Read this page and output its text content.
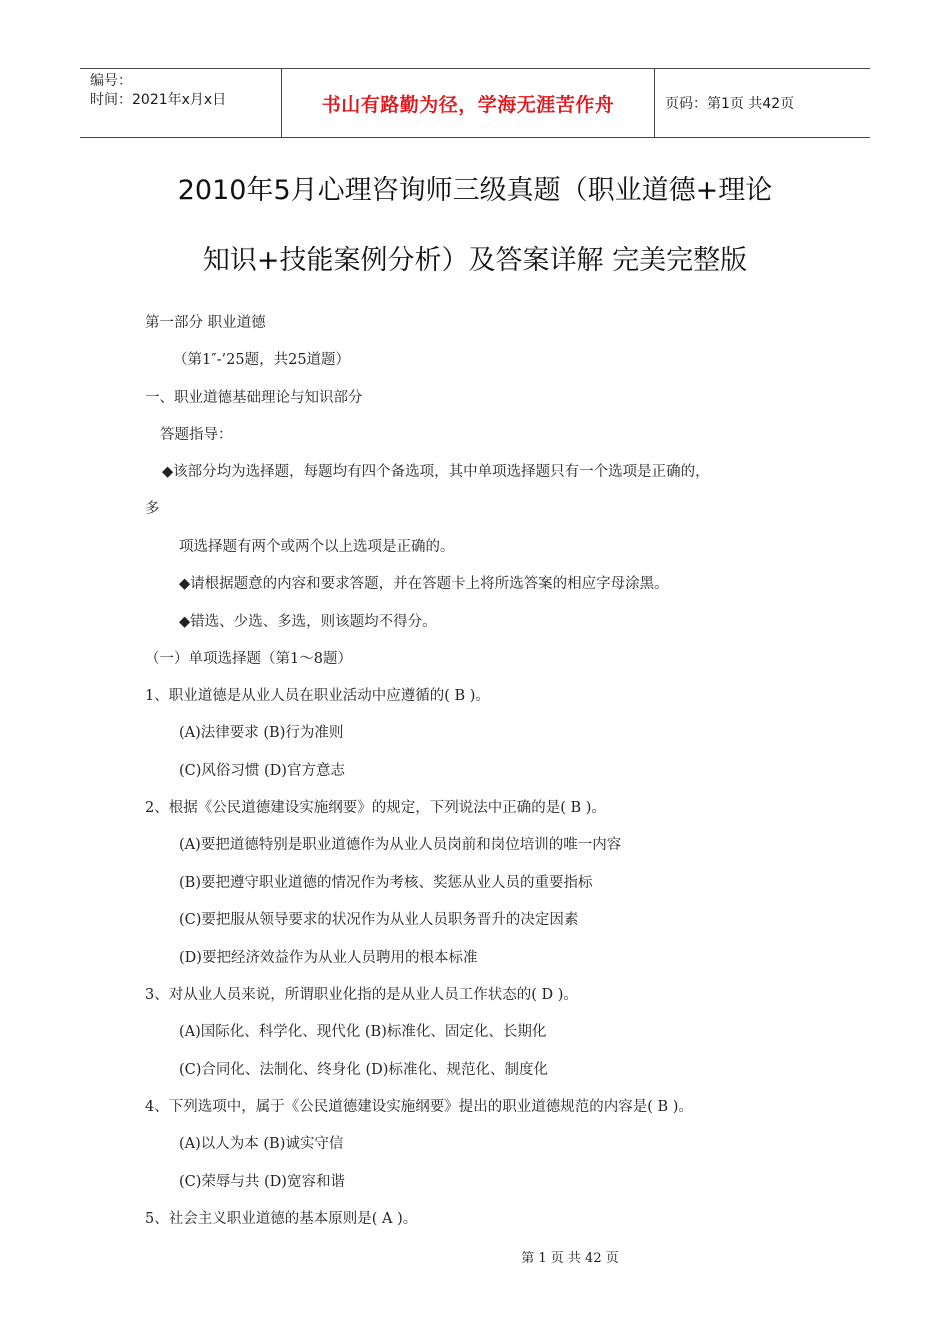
编号：
时间：2021年x月x日	书山有路勤为径，学海无涯苦作舟	页码：第1页 共42页
2010年5月心理咨询师三级真题（职业道德+理论
知识+技能案例分析）及答案详解 完美完整版
第一部分 职业道德
（第1″-’25题，共25道题）
一、职业道德基础理论与知识部分
答题指导：
◆该部分均为选择题，每题均有四个备选项，其中单项选择题只有一个选项是正确的，
多
项选择题有两个或两个以上选项是正确的。
◆请根据题意的内容和要求答题，并在答题卡上将所选答案的相应字母涂黑。
◆错选、少选、多选，则该题均不得分。
（一）单项选择题（第1～8题）
1、职业道德是从业人员在职业活动中应遵循的( B )。
(A)法律要求 (B)行为准则
(C)风俗习惯 (D)官方意志
2、根据《公民道德建设实施纲要》的规定，下列说法中正确的是( B )。
(A)要把道德特别是职业道德作为从业人员岗前和岗位培训的唯一内容
(B)要把遵守职业道德的情况作为考核、奖惩从业人员的重要指标
(C)要把服从领导要求的状况作为从业人员职务晋升的决定因素
(D)要把经济效益作为从业人员聘用的根本标准
3、对从业人员来说，所谓职业化指的是从业人员工作状态的( D )。
(A)国际化、科学化、现代化 (B)标准化、固定化、长期化
(C)合同化、法制化、终身化 (D)标准化、规范化、制度化
4、下列选项中，属于《公民道德建设实施纲要》提出的职业道德规范的内容是( B )。
(A)以人为本 (B)诚实守信
(C)荣辱与共 (D)宽容和谐
5、社会主义职业道德的基本原则是( A )。
第 1 页 共 42 页
